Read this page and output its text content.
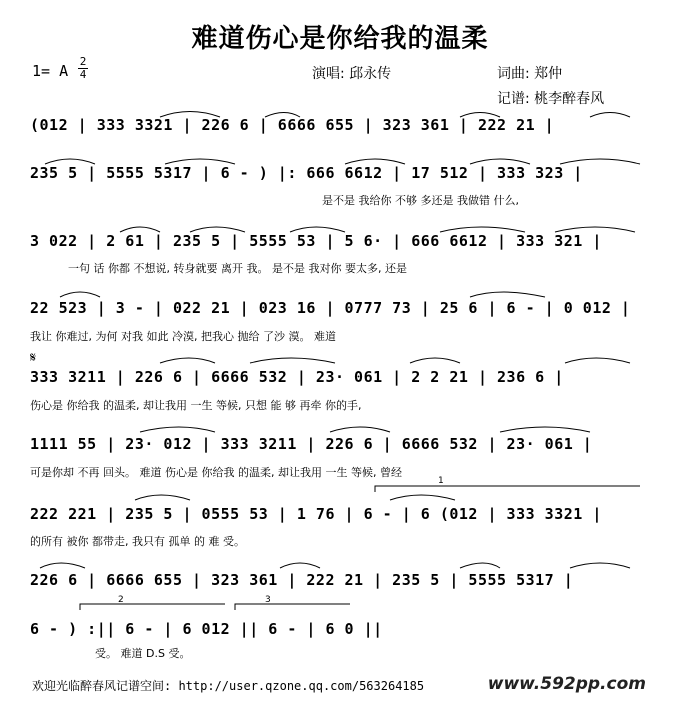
难道伤心是你给我的温柔
1= A
2
4	演唱: 邱永传	词曲: 郑仲
记谱: 桃李醉春风
1
2	3
𝄋
(012 | 333 3321 | 226 6 | 6666 655 | 323 361 | 222 21 |
235 5 | 5555 5317 | 6 - ) |: 666 6612 | 17 512 | 333 323 |
是不是 我给你 不够 多还是 我做错 什么,
3 022 | 2 61 | 235 5 | 5555 53 | 5 6· | 666 6612 | 333 321 |
一句 话 你都 不想说, 转身就要 离开 我。 是不是 我对你 要太多, 还是
22 523 | 3 - | 022 21 | 023 16 | 0777 73 | 25 6 | 6 - | 0 012 |
我让 你难过, 为何 对我 如此 冷漠, 把我心 抛给 了沙 漠。 难道
333 3211 | 226 6 | 6666 532 | 23· 061 | 2 2 21 | 236 6 |
伤心是 你给我 的温柔, 却让我用 一生 等候, 只想 能 够 再牵 你的手,
1111 55 | 23· 012 | 333 3211 | 226 6 | 6666 532 | 23· 061 |
可是你却 不再 回头。 难道 伤心是 你给我 的温柔, 却让我用 一生 等候, 曾经
222 221 | 235 5 | 0555 53 | 1 76 | 6 - | 6 (012 | 333 3321 |
的所有 被你 都带走, 我只有 孤单 的 难 受。
226 6 | 6666 655 | 323 361 | 222 21 | 235 5 | 5555 5317 |
6 - ) :|| 6 - | 6 012 || 6 - | 6 0 ||
受。 难道 D.S 受。
欢迎光临醉春风记谱空间: http://user.qzone.qq.com/563264185	www.592pp.com
